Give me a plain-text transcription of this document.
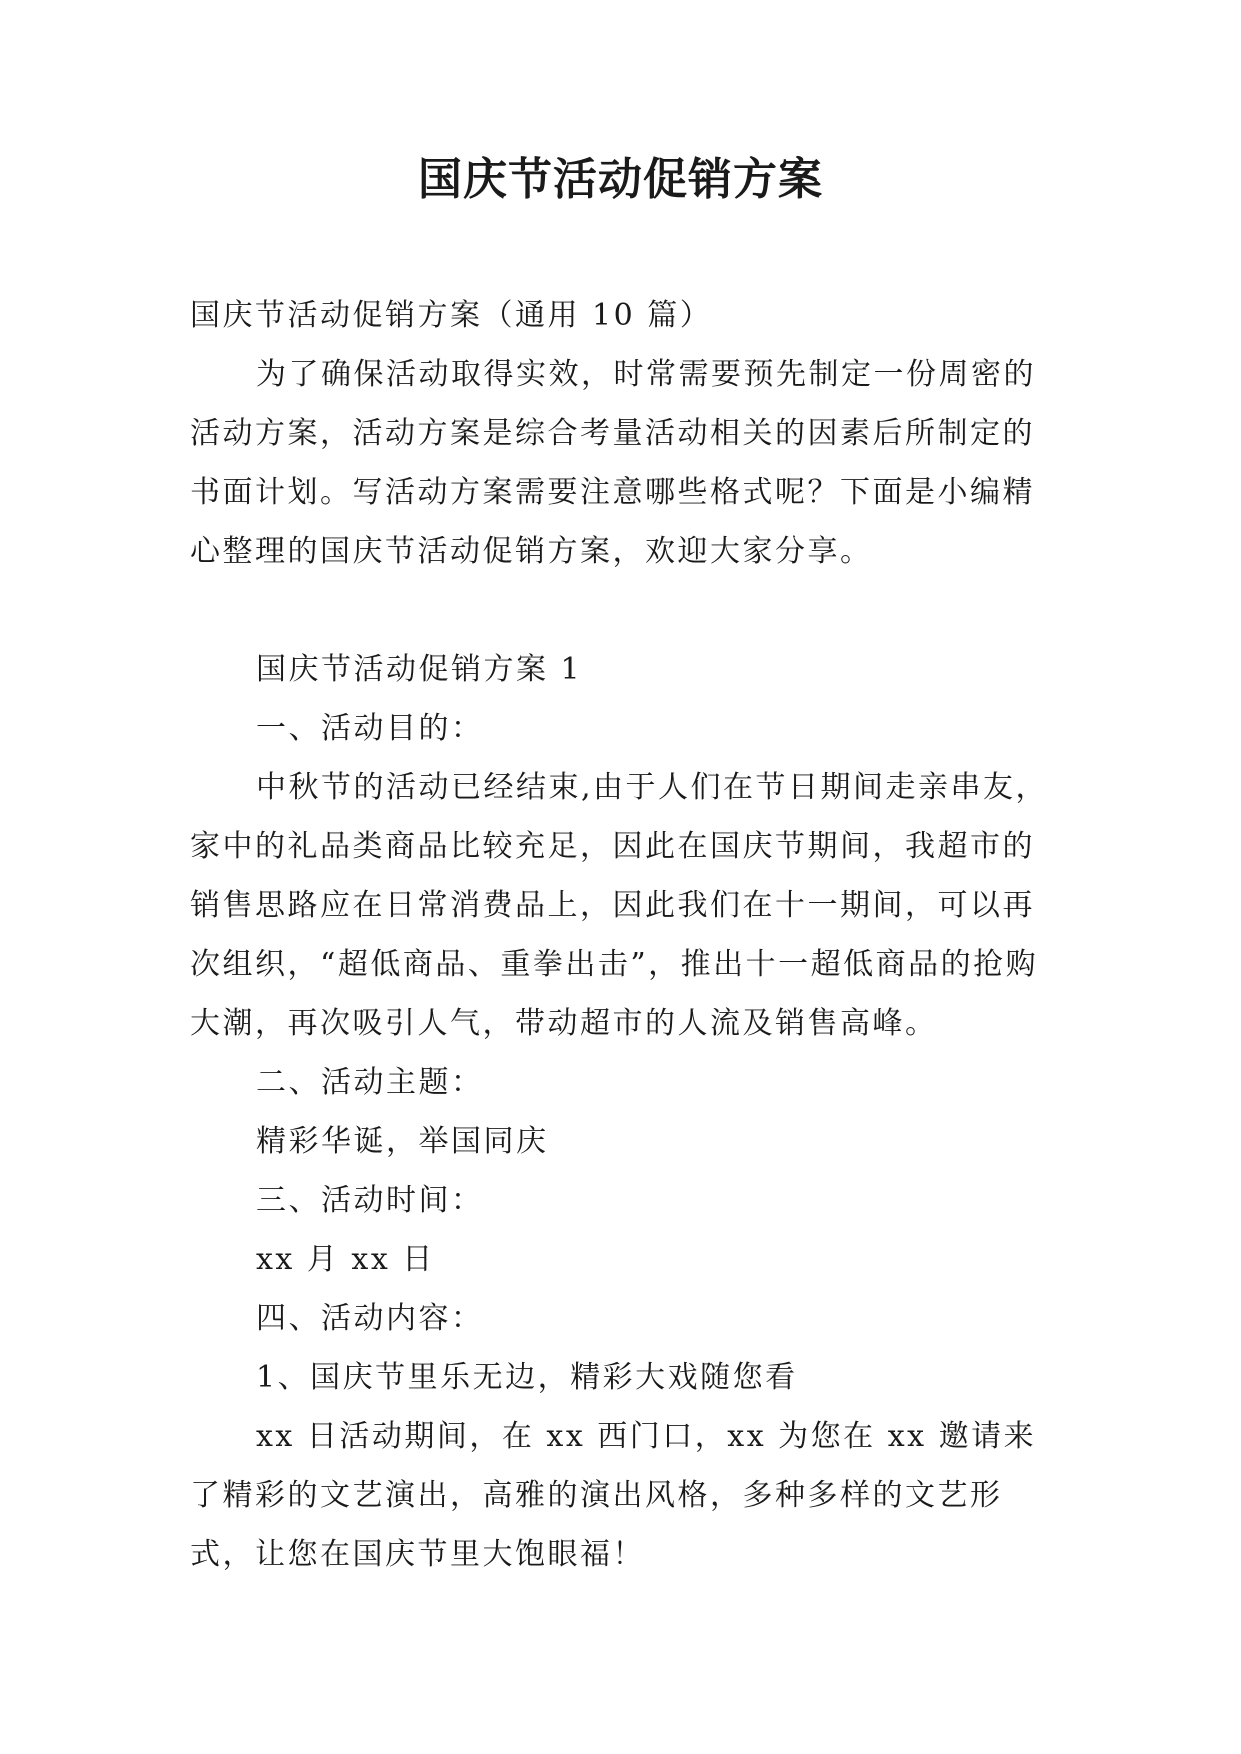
国庆节活动促销方案

国庆节活动促销方案（通用 10 篇）

为了确保活动取得实效，时常需要预先制定一份周密的活动方案，活动方案是综合考量活动相关的因素后所制定的书面计划。写活动方案需要注意哪些格式呢？下面是小编精心整理的国庆节活动促销方案，欢迎大家分享。

国庆节活动促销方案 1

一、活动目的：

中秋节的活动已经结束,由于人们在节日期间走亲串友，家中的礼品类商品比较充足，因此在国庆节期间，我超市的销售思路应在日常消费品上，因此我们在十一期间，可以再次组织，“超低商品、重拳出击”，推出十一超低商品的抢购大潮，再次吸引人气，带动超市的人流及销售高峰。

二、活动主题：

精彩华诞，举国同庆

三、活动时间：

xx 月 xx 日

四、活动内容：

1、国庆节里乐无边，精彩大戏随您看

xx 日活动期间，在 xx 西门口，xx 为您在 xx 邀请来了精彩的文艺演出，高雅的演出风格，多种多样的文艺形式，让您在国庆节里大饱眼福！
